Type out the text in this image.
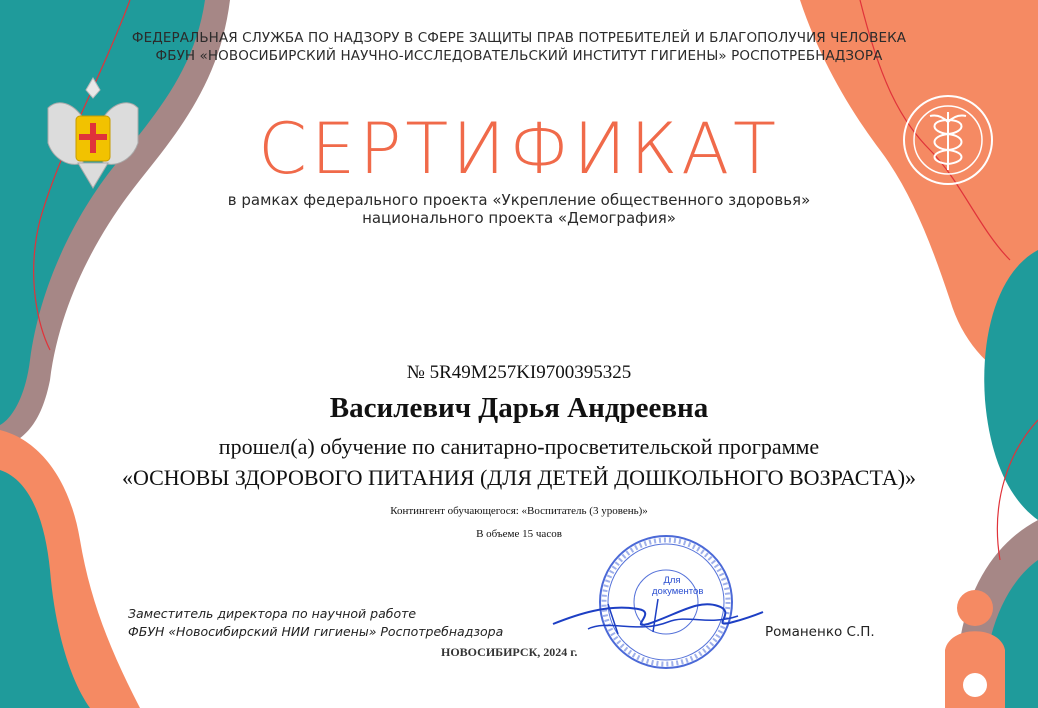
ФЕДЕРАЛЬНАЯ СЛУЖБА ПО НАДЗОРУ В СФЕРЕ ЗАЩИТЫ ПРАВ ПОТРЕБИТЕЛЕЙ И БЛАГОПОЛУЧИЯ ЧЕЛОВЕКА
ФБУН «НОВОСИБИРСКИЙ НАУЧНО-ИССЛЕДОВАТЕЛЬСКИЙ ИНСТИТУТ ГИГИЕНЫ» РОСПОТРЕБНАДЗОРА
СЕРТИФИКАТ
в рамках федерального проекта «Укрепление общественного здоровья»
национального проекта «Демография»
№ 5R49M257KI9700395325
Василевич Дарья Андреевна
прошел(а) обучение по санитарно-просветительской программе
«ОСНОВЫ ЗДОРОВОГО ПИТАНИЯ (ДЛЯ ДЕТЕЙ ДОШКОЛЬНОГО ВОЗРАСТА)»
Контингент обучающегося: «Воспитатель (3 уровень)»
В объеме 15 часов
Для документов
Заместитель директора по научной работе
ФБУН «Новосибирский НИИ гигиены» Роспотребнадзора	Романенко С.П.
НОВОСИБИРСК, 2024 г.
